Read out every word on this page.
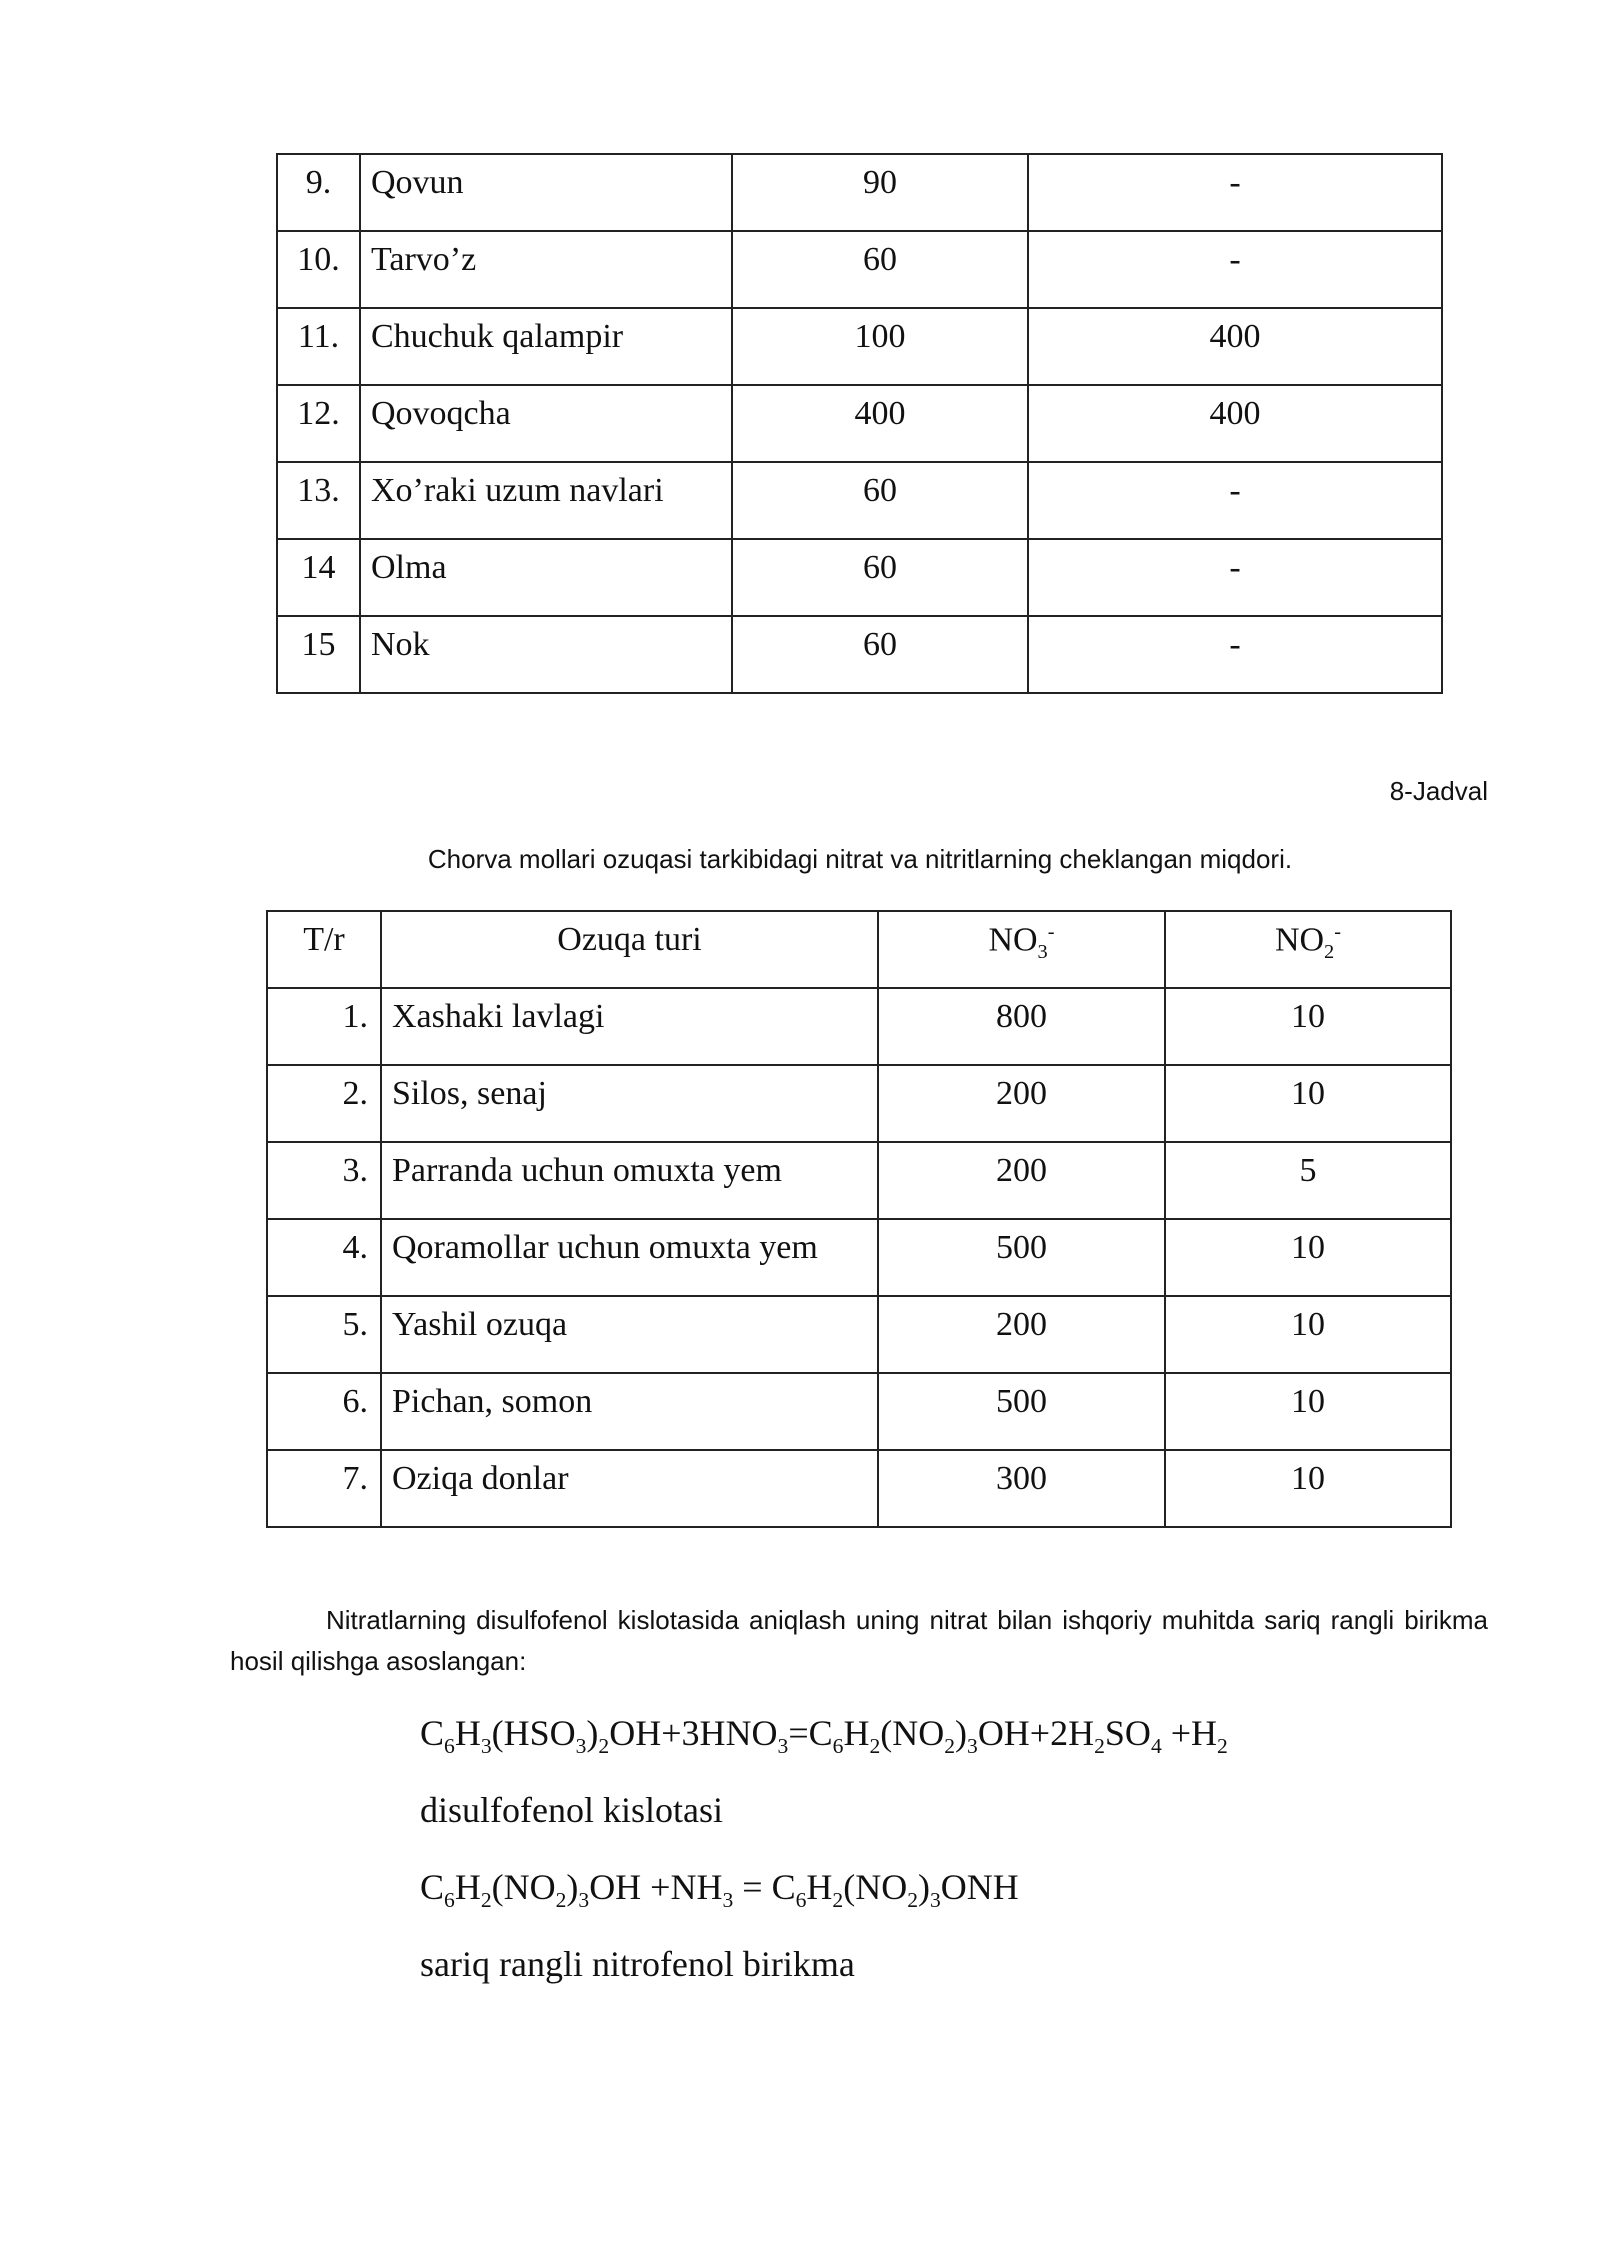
9.	Qovun	90	-
10.	Tarvo’z	60	-
11.	Chuchuk qalampir	100	400
12.	Qovoqcha	400	400
13.	Xo’raki uzum navlari	60	-
14	Olma	60	-
15	Nok	60	-
8-Jadval
Chorva mollari ozuqasi tarkibidagi nitrat va nitritlarning cheklangan miqdori.
T/r	Ozuqa turi	$NO_3^-$	$NO_2^-$
1.	Xashaki lavlagi	800	10
2.	Silos, senaj	200	10
3.	Parranda uchun omuxta yem	200	5
4.	Qoramollar uchun omuxta yem	500	10
5.	Yashil ozuqa	200	10
6.	Pichan, somon	500	10
7.	Oziqa donlar	300	10
Nitratlarning disulfofenol kislotasida aniqlash uning nitrat bilan ishqoriy muhitda sariq rangli birikma hosil qilishga asoslangan:
$C_6H_3(HSO_3)_2OH+3HNO_3=C_6H_2(NO_2)_3OH+2H_2SO_4 +H_2$
disulfofenol kislotasi
$C_6H_2(NO_2)_3OH +NH_3 = C_6H_2(NO_2)_3ONH$
sariq rangli nitrofenol birikma
